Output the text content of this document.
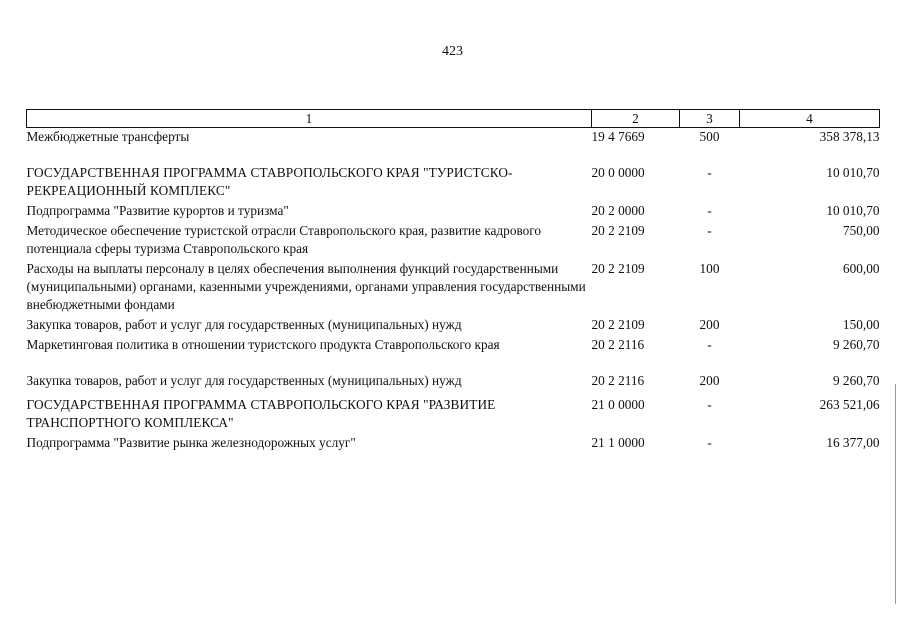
423
1	2	3	4
Межбюджетные трансферты	19 4 7669	500	358 378,13
ГОСУДАРСТВЕННАЯ ПРОГРАММА СТАВРОПОЛЬСКОГО КРАЯ "ТУРИСТСКО-РЕКРЕАЦИОННЫЙ КОМПЛЕКС"	20 0 0000	-	10 010,70
Подпрограмма "Развитие курортов и туризма"	20 2 0000	-	10 010,70
Методическое обеспечение туристской отрасли Ставропольского края, развитие кадрового потенциала сферы туризма Ставропольского края	20 2 2109	-	750,00
Расходы на выплаты персоналу в целях обеспечения выполнения функций государственными (муниципальными) органами, казенными учреждениями, органами управления государственными внебюджетными фондами	20 2 2109	100	600,00
Закупка товаров, работ и услуг для государственных (муниципальных) нужд	20 2 2109	200	150,00
Маркетинговая политика в отношении туристского продукта Ставропольского края	20 2 2116	-	9 260,70
Закупка товаров, работ и услуг для государственных (муниципальных) нужд	20 2 2116	200	9 260,70
ГОСУДАРСТВЕННАЯ ПРОГРАММА СТАВРОПОЛЬСКОГО КРАЯ "РАЗВИТИЕ ТРАНСПОРТНОГО КОМПЛЕКСА"	21 0 0000	-	263 521,06
Подпрограмма "Развитие рынка железнодорожных услуг"	21 1 0000	-	16 377,00
